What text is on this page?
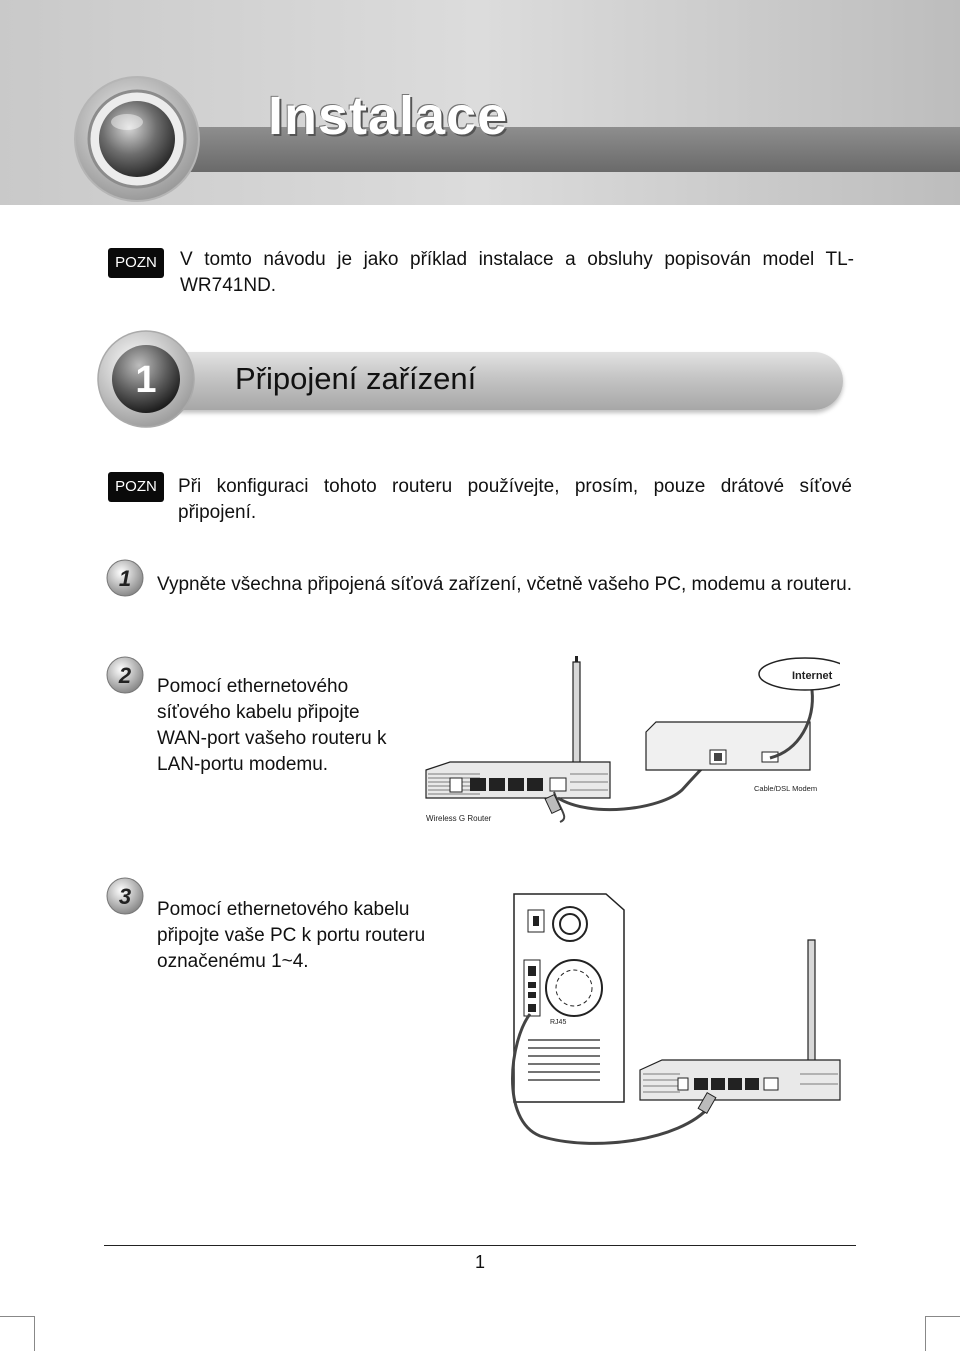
Instalace
POZN	V tomto návodu je jako příklad instalace a obsluhy popisován model TL-WR741ND.
1	Připojení zařízení
POZN	Při konfiguraci tohoto routeru používejte, prosím, pouze drátové síťové připojení.
1 Vypněte všechna připojená síťová zařízení, včetně vašeho PC, modemu a routeru.
2 Pomocí ethernetového síťového kabelu připojte WAN-port vašeho routeru k LAN-portu modemu.
Wireless G Router
Cable/DSL Modem
Internet
3
Pomocí ethernetového kabelu připojte vaše PC k portu routeru označenému 1~4.
RJ45
1
